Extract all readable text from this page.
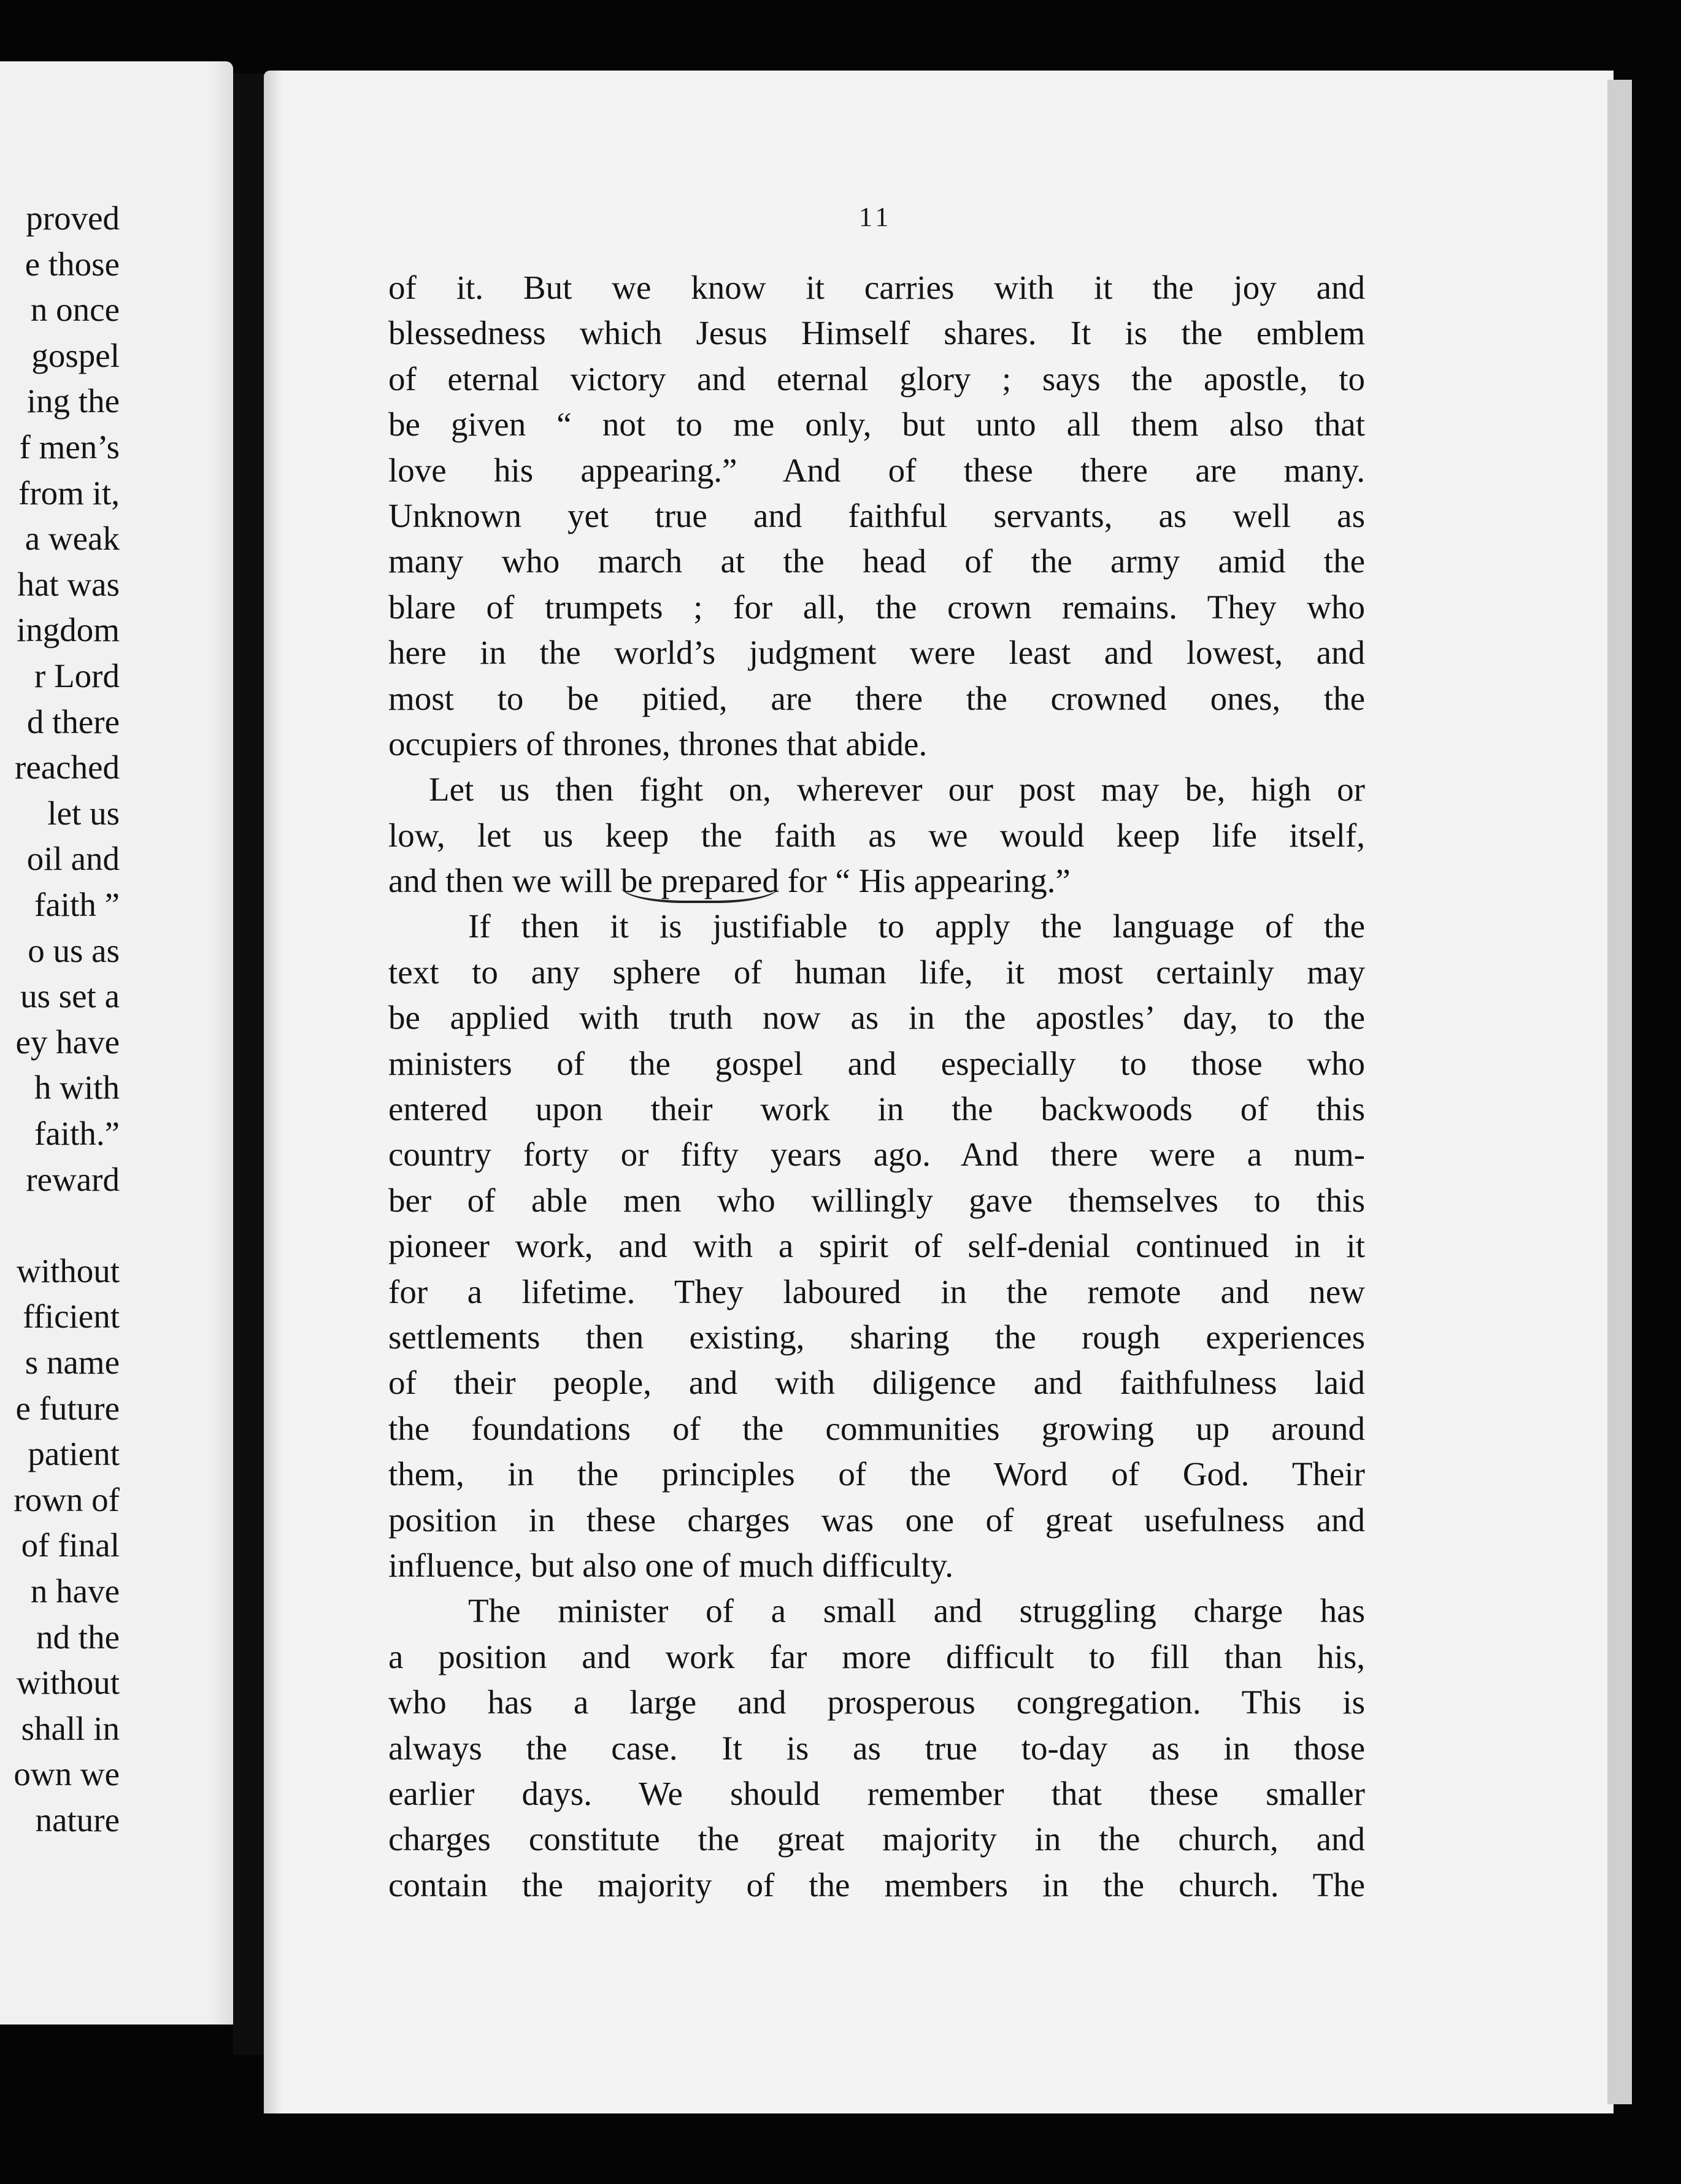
proved
e those
n once
gospel
ing the
f men’s
from it,
a weak
hat was
ingdom
r Lord
d there
reached
let us
oil and
faith ”
o us as
us set a
ey have
h with
faith.”
reward
without
fficient
s name
e future
patient
rown of
of final
n have
nd the
without
shall in
own we
nature
11
of it. But we know it carries with it the joy and
blessedness which Jesus Himself shares. It is the emblem
of eternal victory and eternal glory ; says the apostle, to
be given “ not to me only, but unto all them also that
love his appearing.” And of these there are many.
Unknown yet true and faithful servants, as well as
many who march at the head of the army amid the
blare of trumpets ; for all, the crown remains. They who
here in the world’s judgment were least and lowest, and
most to be pitied, are there the crowned ones, the
occupiers of thrones, thrones that abide.
Let us then fight on, wherever our post may be, high or
low, let us keep the faith as we would keep life itself,
and then we will be prepared for “ His appearing.”
If then it is justifiable to apply the language of the
text to any sphere of human life, it most certainly may
be applied with truth now as in the apostles’ day, to the
ministers of the gospel and especially to those who
entered upon their work in the backwoods of this
country forty or fifty years ago. And there were a num-
ber of able men who willingly gave themselves to this
pioneer work, and with a spirit of self-denial continued in it
for a lifetime. They laboured in the remote and new
settlements then existing, sharing the rough experiences
of their people, and with diligence and faithfulness laid
the foundations of the communities growing up around
them, in the principles of the Word of God. Their
position in these charges was one of great usefulness and
influence, but also one of much difficulty.
The minister of a small and struggling charge has
a position and work far more difficult to fill than his,
who has a large and prosperous congregation. This is
always the case. It is as true to-day as in those
earlier days. We should remember that these smaller
charges constitute the great majority in the church, and
contain the majority of the members in the church. The
